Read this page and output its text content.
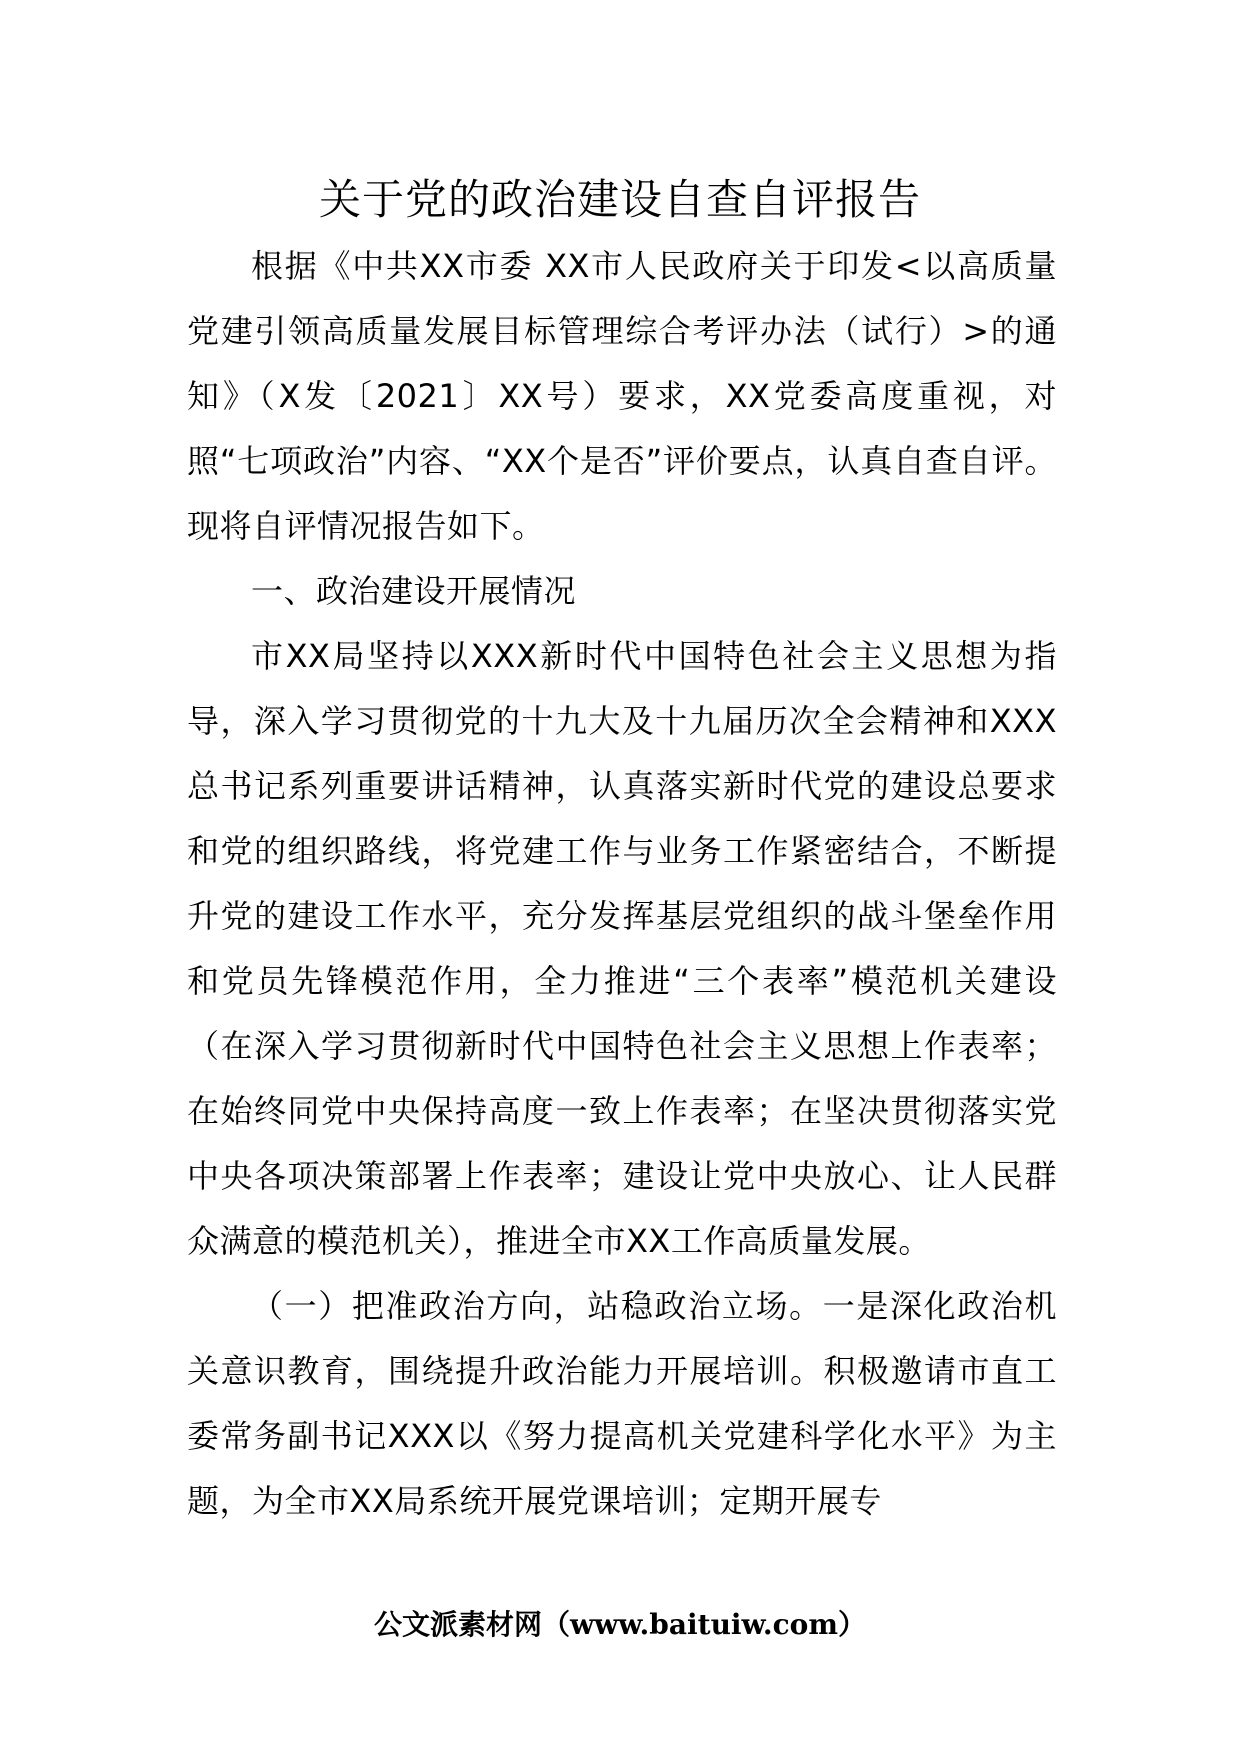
关于党的政治建设自查自评报告

根据《中共XX市委 XX市人民政府关于印发<以高质量党建引领高质量发展目标管理综合考评办法（试行）>的通知》（X发〔2021〕XX号）要求，XX党委高度重视，对照“七项政治”内容、“XX个是否”评价要点，认真自查自评。现将自评情况报告如下。

一、政治建设开展情况

市XX局坚持以XXX新时代中国特色社会主义思想为指导，深入学习贯彻党的十九大及十九届历次全会精神和XXX总书记系列重要讲话精神，认真落实新时代党的建设总要求和党的组织路线，将党建工作与业务工作紧密结合，不断提升党的建设工作水平，充分发挥基层党组织的战斗堡垒作用和党员先锋模范作用，全力推进“三个表率”模范机关建设（在深入学习贯彻新时代中国特色社会主义思想上作表率；在始终同党中央保持高度一致上作表率；在坚决贯彻落实党中央各项决策部署上作表率；建设让党中央放心、让人民群众满意的模范机关），推进全市XX工作高质量发展。

（一）把准政治方向，站稳政治立场。一是深化政治机关意识教育，围绕提升政治能力开展培训。积极邀请市直工委常务副书记XXX以《努力提高机关党建科学化水平》为主题，为全市XX局系统开展党课培训；定期开展专

公文派素材网（www.baituiw.com）
